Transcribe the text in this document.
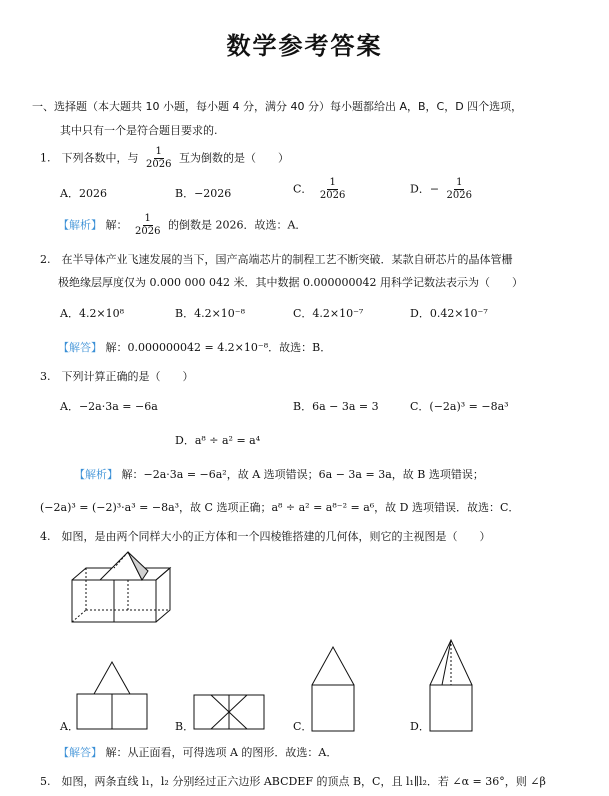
数学参考答案
一、选择题（本大题共 10 小题，每小题 4 分，满分 40 分）每小题都给出 A，B，C，D 四个选项，
其中只有一个是符合题目要求的.
1.　下列各数中，与 $\frac{1}{2026}$ 互为倒数的是（　　）
A．2026	B．−2026	C． $\frac{1}{2026}$	D．− $\frac{1}{2026}$
【解析】 解： $\frac{1}{2026}$ 的倒数是 2026．故选：A．
2.　在半导体产业飞速发展的当下，国产高端芯片的制程工艺不断突破．某款自研芯片的晶体管栅
极绝缘层厚度仅为 0.000 000 042 米．其中数据 0.000000042 用科学记数法表示为（　　）
A．4.2×10⁸	B．4.2×10⁻⁸	C．4.2×10⁻⁷	D．0.42×10⁻⁷
【解答】 解：0.000000042 = 4.2×10⁻⁸．故选：B．
3.　下列计算正确的是（　　）
A．−2a·3a = −6a	B．6a − 3a = 3	C．(−2a)³ = −8a³
D．a⁸ ÷ a² = a⁴
【解析】 解：−2a·3a = −6a²，故 A 选项错误；6a − 3a = 3a，故 B 选项错误；
(−2a)³ = (−2)³·a³ = −8a³，故 C 选项正确；a⁸ ÷ a² = a⁸⁻² = a⁶，故 D 选项错误．故选：C．
4.　如图，是由两个同样大小的正方体和一个四棱锥搭建的几何体，则它的主视图是（　　）
A．	B．	C．	D．
【解答】 解：从正面看，可得选项 A 的图形．故选：A．
5.　如图，两条直线 l₁，l₂ 分别经过正六边形 ABCDEF 的顶点 B，C，且 l₁∥l₂．若 ∠α = 36°，则 ∠β
